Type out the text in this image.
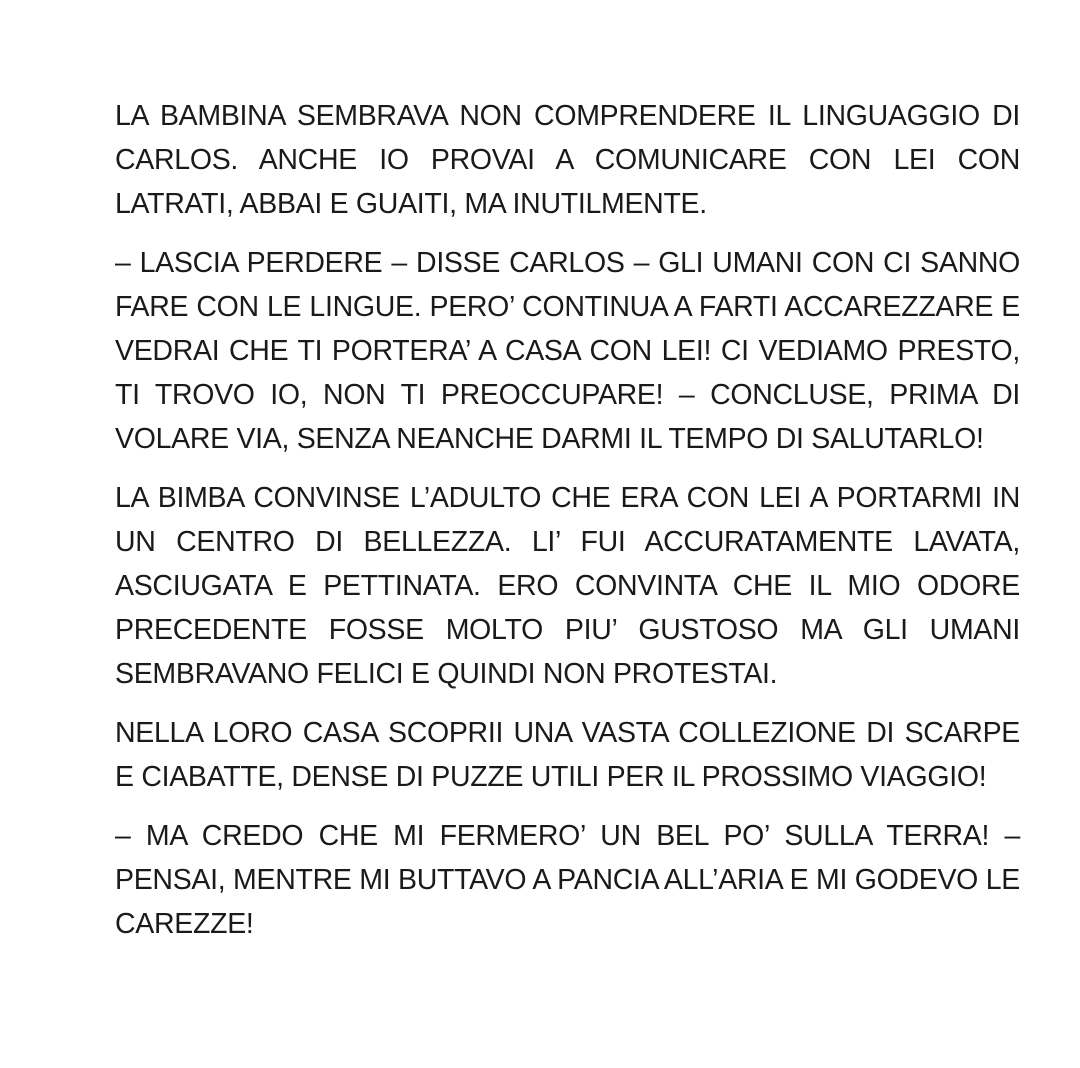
LA BAMBINA SEMBRAVA NON COMPRENDERE IL LINGUAGGIO DI CARLOS. ANCHE IO PROVAI A COMUNICARE CON LEI CON LATRATI, ABBAI E GUAITI, MA INUTILMENTE.

– LASCIA PERDERE – DISSE CARLOS – GLI UMANI CON CI SANNO FARE CON LE LINGUE. PERO’ CONTINUA A FARTI ACCAREZZARE E VEDRAI CHE TI PORTERA’ A CASA CON LEI! CI VEDIAMO PRESTO, TI TROVO IO, NON TI PREOCCUPARE! – CONCLUSE, PRIMA DI VOLARE VIA, SENZA NEANCHE DARMI IL TEMPO DI SALUTARLO!

LA BIMBA CONVINSE L’ADULTO CHE ERA CON LEI A PORTARMI IN UN CENTRO DI BELLEZZA. LI’ FUI ACCURATAMENTE LAVATA, ASCIUGATA E PETTINATA. ERO CONVINTA CHE IL MIO ODORE PRECEDENTE FOSSE MOLTO PIU’ GUSTOSO MA GLI UMANI SEMBRAVANO FELICI E QUINDI NON PROTESTAI.

NELLA LORO CASA SCOPRII UNA VASTA COLLEZIONE DI SCARPE E CIABATTE, DENSE DI PUZZE UTILI PER IL PROSSIMO VIAGGIO!

– MA CREDO CHE MI FERMERO’ UN BEL PO’ SULLA TERRA! – PENSAI, MENTRE MI BUTTAVO A PANCIA ALL’ARIA E MI GODEVO LE CAREZZE!
